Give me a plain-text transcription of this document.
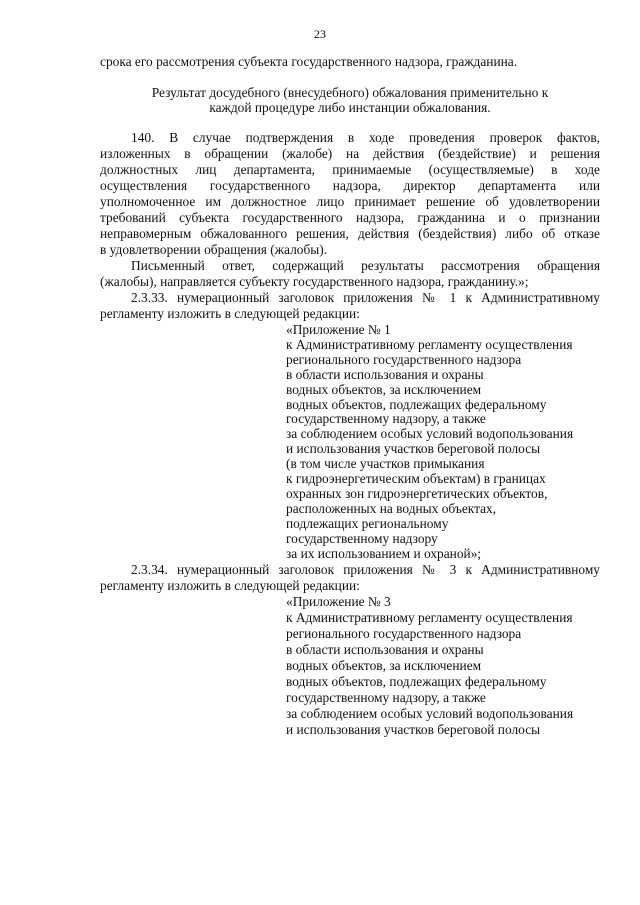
23
срока его рассмотрения субъекта государственного надзора, гражданина.
Результат досудебного (внесудебного) обжалования применительно к
каждой процедуре либо инстанции обжалования.
140. В случае подтверждения в ходе проведения проверок фактов,
изложенных в обращении (жалобе) на действия (бездействие) и решения
должностных лиц департамента, принимаемые (осуществляемые) в ходе
осуществления государственного надзора, директор департамента или
уполномоченное им должностное лицо принимает решение об удовлетворении
требований субъекта государственного надзора, гражданина и о признании
неправомерным обжалованного решения, действия (бездействия) либо об отказе
в удовлетворении обращения (жалобы).
Письменный ответ, содержащий результаты рассмотрения обращения
(жалобы), направляется субъекту государственного надзора, гражданину.»;
2.3.33. нумерационный заголовок приложения № 1 к Административному
регламенту изложить в следующей редакции:
«Приложение № 1
к Административному регламенту осуществления
регионального государственного надзора
в области использования и охраны
водных объектов, за исключением
водных объектов, подлежащих федеральному
государственному надзору, а также
за соблюдением особых условий водопользования
и использования участков береговой полосы
(в том числе участков примыкания
к гидроэнергетическим объектам) в границах
охранных зон гидроэнергетических объектов,
расположенных на водных объектах,
подлежащих региональному
государственному надзору
за их использованием и охраной»;
2.3.34. нумерационный заголовок приложения № 3 к Административному
регламенту изложить в следующей редакции:
«Приложение № 3
к Административному регламенту осуществления
регионального государственного надзора
в области использования и охраны
водных объектов, за исключением
водных объектов, подлежащих федеральному
государственному надзору, а также
за соблюдением особых условий водопользования
и использования участков береговой полосы
